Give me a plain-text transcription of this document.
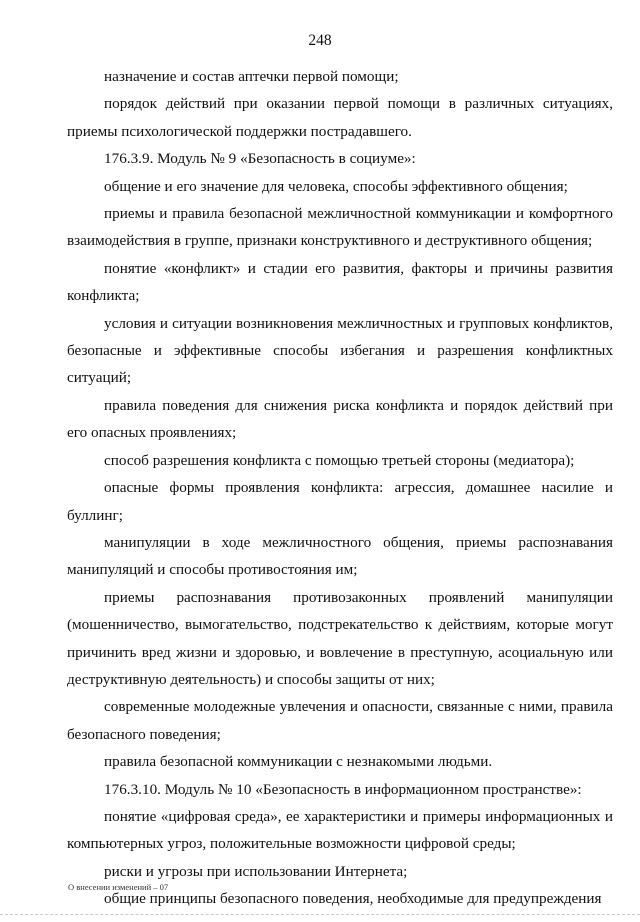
248

назначение и состав аптечки первой помощи;

порядок действий при оказании первой помощи в различных ситуациях, приемы психологической поддержки пострадавшего.

176.3.9. Модуль № 9 «Безопасность в социуме»:

общение и его значение для человека, способы эффективного общения;

приемы и правила безопасной межличностной коммуникации и комфортного взаимодействия в группе, признаки конструктивного и деструктивного общения;

понятие «конфликт» и стадии его развития, факторы и причины развития конфликта;

условия и ситуации возникновения межличностных и групповых конфликтов, безопасные и эффективные способы избегания и разрешения конфликтных ситуаций;

правила поведения для снижения риска конфликта и порядок действий при его опасных проявлениях;

способ разрешения конфликта с помощью третьей стороны (медиатора);

опасные формы проявления конфликта: агрессия, домашнее насилие и буллинг;

манипуляции в ходе межличностного общения, приемы распознавания манипуляций и способы противостояния им;

приемы распознавания противозаконных проявлений манипуляции (мошенничество, вымогательство, подстрекательство к действиям, которые могут причинить вред жизни и здоровью, и вовлечение в преступную, асоциальную или деструктивную деятельность) и способы защиты от них;

современные молодежные увлечения и опасности, связанные с ними, правила безопасного поведения;

правила безопасной коммуникации с незнакомыми людьми.

176.3.10. Модуль № 10 «Безопасность в информационном пространстве»:

понятие «цифровая среда», ее характеристики и примеры информационных и компьютерных угроз, положительные возможности цифровой среды;

риски и угрозы при использовании Интернета;

общие принципы безопасного поведения, необходимые для предупреждения

О внесении изменений – 07
